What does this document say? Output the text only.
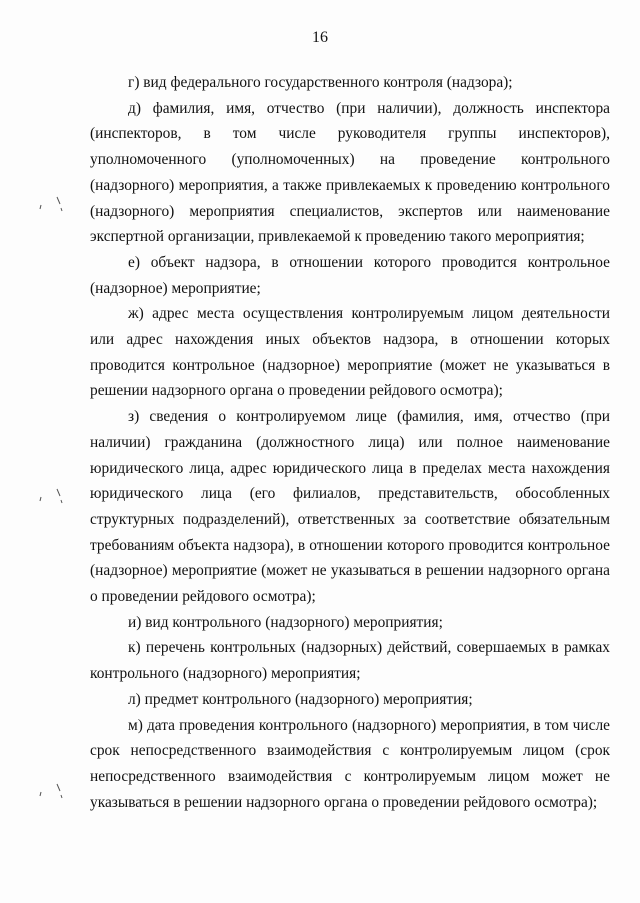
16

г) вид федерального государственного контроля (надзора);

д) фамилия, имя, отчество (при наличии), должность инспектора (инспекторов, в том числе руководителя группы инспекторов), уполномоченного (уполномоченных) на проведение контрольного (надзорного) мероприятия, а также привлекаемых к проведению контрольного (надзорного) мероприятия специалистов, экспертов или наименование экспертной организации, привлекаемой к проведению такого мероприятия;

е) объект надзора, в отношении которого проводится контрольное (надзорное) мероприятие;

ж) адрес места осуществления контролируемым лицом деятельности или адрес нахождения иных объектов надзора, в отношении которых проводится контрольное (надзорное) мероприятие (может не указываться в решении надзорного органа о проведении рейдового осмотра);

з) сведения о контролируемом лице (фамилия, имя, отчество (при наличии) гражданина (должностного лица) или полное наименование юридического лица, адрес юридического лица в пределах места нахождения юридического лица (его филиалов, представительств, обособленных структурных подразделений), ответственных за соответствие обязательным требованиям объекта надзора), в отношении которого проводится контрольное (надзорное) мероприятие (может не указываться в решении надзорного органа о проведении рейдового осмотра);

и) вид контрольного (надзорного) мероприятия;

к) перечень контрольных (надзорных) действий, совершаемых в рамках контрольного (надзорного) мероприятия;

л) предмет контрольного (надзорного) мероприятия;

м) дата проведения контрольного (надзорного) мероприятия, в том числе срок непосредственного взаимодействия с контролируемым лицом (срок непосредственного взаимодействия с контролируемым лицом может не указываться в решении надзорного органа о проведении рейдового осмотра);
